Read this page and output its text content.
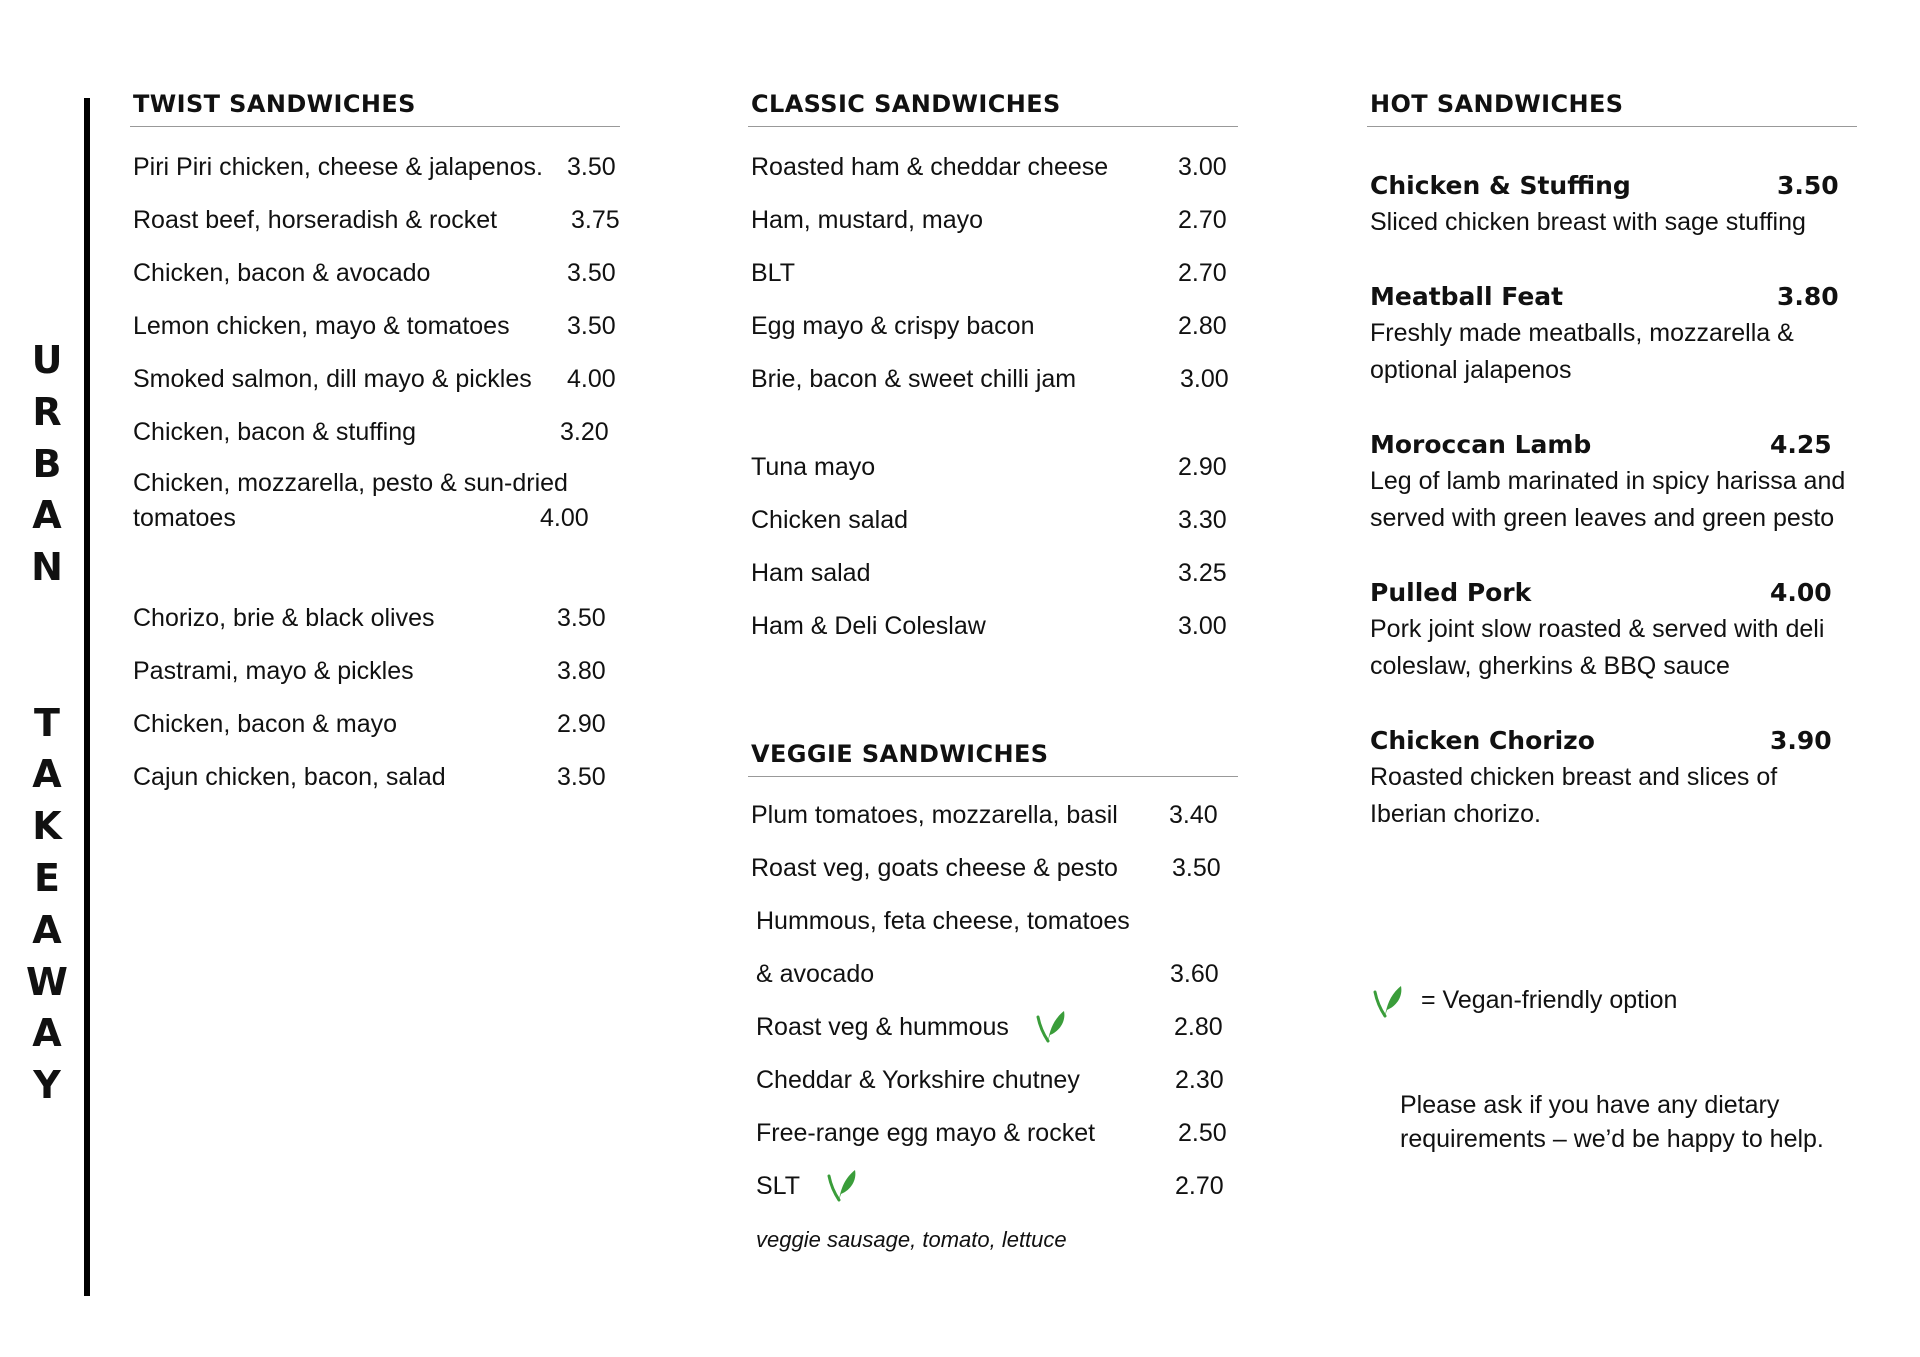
U
R
B
A
N
T
A
K
E
A
W
A
Y
TWIST SANDWICHES
Piri Piri chicken, cheese & jalapenos. 3.50
Roast beef, horseradish & rocket	3.75
Chicken, bacon & avocado	3.50
Lemon chicken, mayo & tomatoes 3.50
Smoked salmon, dill mayo & pickles 4.00
Chicken, bacon & stuffing	3.20
Chicken, mozzarella, pesto & sun-dried
tomatoes	4.00
Chorizo, brie & black olives	3.50
Pastrami, mayo & pickles	3.80
Chicken, bacon & mayo	2.90
Cajun chicken, bacon, salad	3.50
CLASSIC SANDWICHES
Roasted ham & cheddar cheese	3.00
Ham, mustard, mayo	2.70
BLT	2.70
Egg mayo & crispy bacon	2.80
Brie, bacon & sweet chilli jam	3.00
Tuna mayo	2.90
Chicken salad	3.30
Ham salad	3.25
Ham & Deli Coleslaw	3.00
VEGGIE SANDWICHES
Plum tomatoes, mozzarella, basil 3.40
Roast veg, goats cheese & pesto 3.50
Hummous, feta cheese, tomatoes
& avocado	3.60
Roast veg & hummous	2.80
Cheddar & Yorkshire chutney	2.30
Free-range egg mayo & rocket	2.50
SLT	2.70
veggie sausage, tomato, lettuce
HOT SANDWICHES
Chicken & Stuffing	3.50
Sliced chicken breast with sage stuffing
Meatball Feat	3.80
Freshly made meatballs, mozzarella & optional jalapenos
Moroccan Lamb	4.25
Leg of lamb marinated in spicy harissa and served with green leaves and green pesto
Pulled Pork	4.00
Pork joint slow roasted & served with deli coleslaw, gherkins & BBQ sauce
Chicken Chorizo	3.90
Roasted chicken breast and slices of Iberian chorizo.
= Vegan-friendly option
Please ask if you have any dietary requirements – we’d be happy to help.
